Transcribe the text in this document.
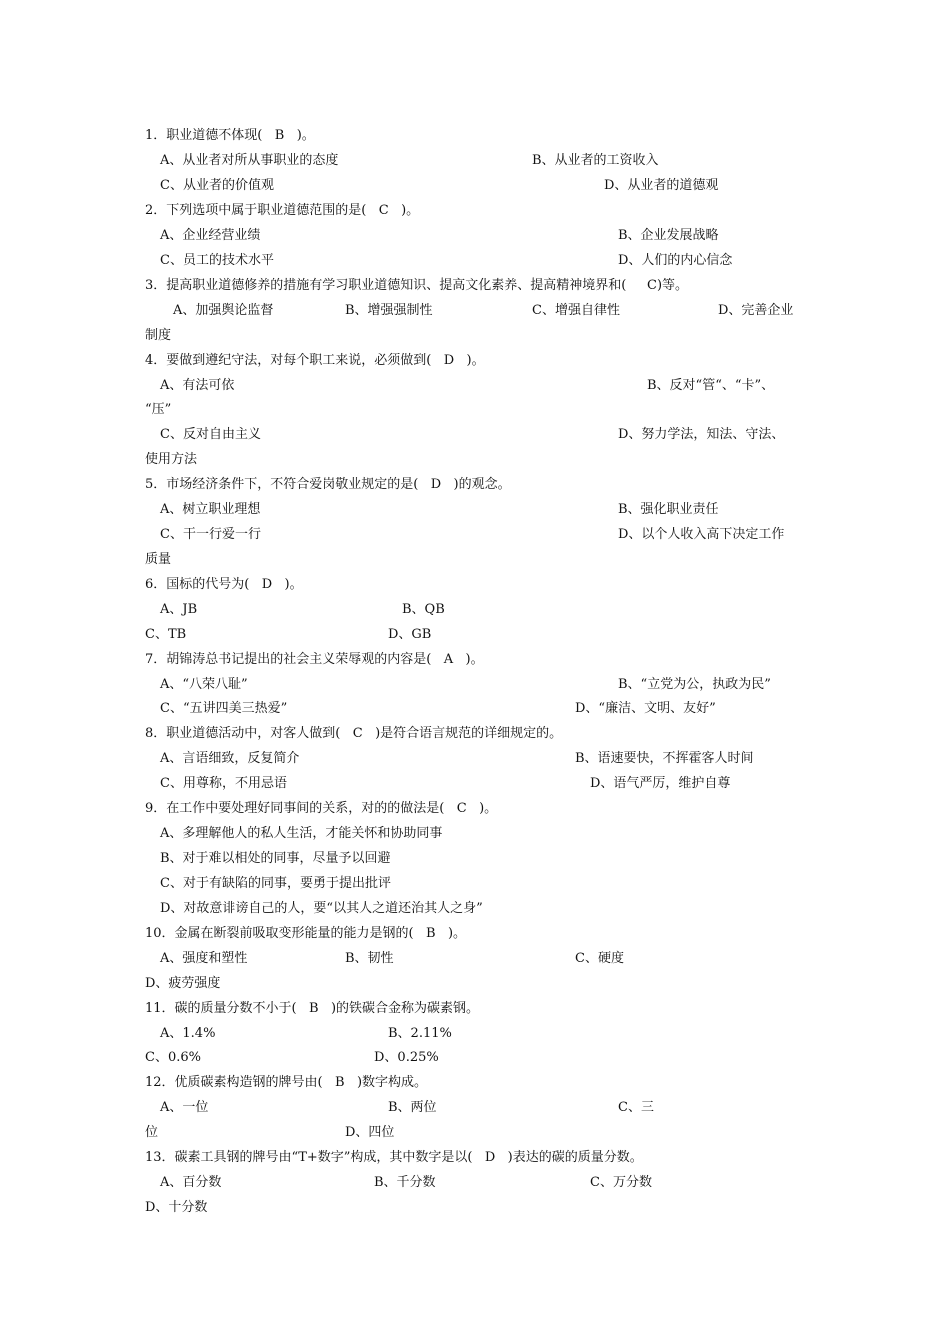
1．职业道德不体现(   B   )。
A、从业者对所从事职业的态度	B、从业者的工资收入
C、从业者的价值观	D、从业者的道德观
2．下列选项中属于职业道德范围的是(   C   )。
A、企业经营业绩	B、企业发展战略
C、员工的技术水平	D、人们的内心信念
3．提高职业道德修养的措施有学习职业道德知识、提高文化素养、提高精神境界和(     C)等。
A、加强舆论监督	B、增强强制性	C、增强自律性	D、完善企业
制度
4．要做到遵纪守法，对每个职工来说，必须做到(   D   )。
A、有法可依	B、反对“管“、“卡”、
“压”
C、反对自由主义	D、努力学法，知法、守法、
使用方法
5．市场经济条件下，不符合爱岗敬业规定的是(   D   )的观念。
A、树立职业理想	B、强化职业责任
C、干一行爱一行	D、以个人收入高下决定工作
质量
6．国标的代号为(   D   )。
A、JB	B、QB
C、TB	D、GB
7．胡锦涛总书记提出的社会主义荣辱观的内容是(   A   )。
A、“八荣八耻”	B、“立党为公，执政为民”
C、“五讲四美三热爱”	D、“廉洁、文明、友好”
8．职业道德活动中，对客人做到(   C   )是符合语言规范的详细规定的。
A、言语细致，反复简介	B、语速要快，不挥霍客人时间
C、用尊称，不用忌语	D、语气严厉，维护自尊
9．在工作中要处理好同事间的关系，对的的做法是(   C   )。
A、多理解他人的私人生活，才能关怀和协助同事
B、对于难以相处的同事，尽量予以回避
C、对于有缺陷的同事，要勇于提出批评
D、对故意诽谤自己的人，要“以其人之道还治其人之身”
10．金属在断裂前吸取变形能量的能力是钢的(   B   )。
A、强度和塑性	B、韧性	C、硬度
D、疲劳强度
11．碳的质量分数不小于(   B   )的铁碳合金称为碳素钢。
A、1.4%	B、2.11%
C、0.6%	D、0.25%
12．优质碳素构造钢的牌号由(   B   )数字构成。
A、一位	B、两位	C、三
位	D、四位
13．碳素工具钢的牌号由“T+数字”构成，其中数字是以(   D   )表达的碳的质量分数。
A、百分数	B、千分数	C、万分数
D、十分数
